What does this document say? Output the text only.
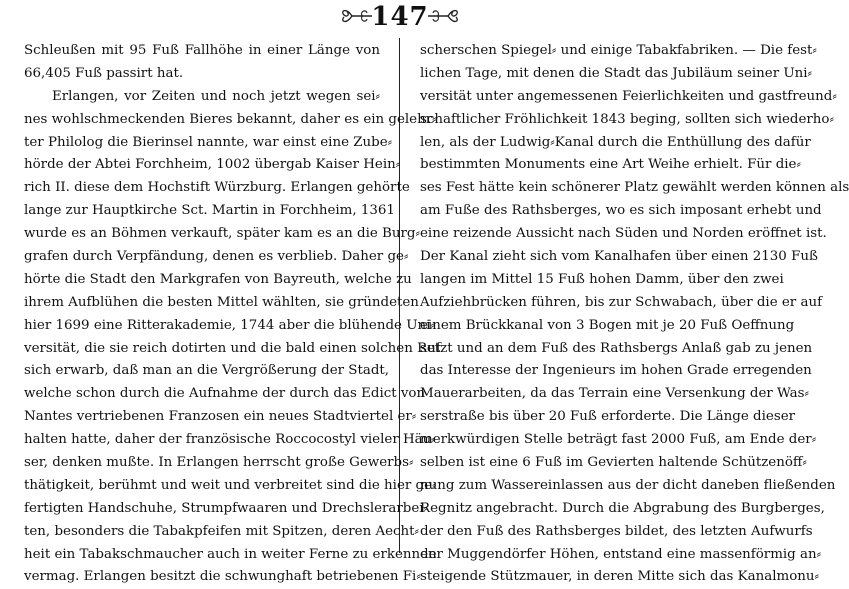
147
Schleußen mit 95 Fuß Fallhöhe in einer Länge von
66,405 Fuß passirt hat.
Erlangen, vor Zeiten und noch jetzt wegen sei⸗
nes wohlschmeckenden Bieres bekannt, daher es ein gelehr⸗
ter Philolog die Bierinsel nannte, war einst eine Zube⸗
hörde der Abtei Forchheim, 1002 übergab Kaiser Hein⸗
rich II. diese dem Hochstift Würzburg. Erlangen gehörte
lange zur Hauptkirche Sct. Martin in Forchheim, 1361
wurde es an Böhmen verkauft, später kam es an die Burg⸗
grafen durch Verpfändung, denen es verblieb. Daher ge⸗
hörte die Stadt den Markgrafen von Bayreuth, welche zu
ihrem Aufblühen die besten Mittel wählten, sie gründeten
hier 1699 eine Ritterakademie, 1744 aber die blühende Uni⸗
versität, die sie reich dotirten und die bald einen solchen Ruf
sich erwarb, daß man an die Vergrößerung der Stadt,
welche schon durch die Aufnahme der durch das Edict von
Nantes vertriebenen Franzosen ein neues Stadtviertel er⸗
halten hatte, daher der französische Roccocostyl vieler Häu⸗
ser, denken mußte. In Erlangen herrscht große Gewerbs⸗
thätigkeit, berühmt und weit und verbreitet sind die hier ge⸗
fertigten Handschuhe, Strumpfwaaren und Drechslerarbei⸗
ten, besonders die Tabakpfeifen mit Spitzen, deren Aecht⸗
heit ein Tabakschmaucher auch in weiter Ferne zu erkennen
vermag. Erlangen besitzt die schwunghaft betriebenen Fi⸗
scherschen Spiegel⸗ und einige Tabakfabriken. — Die fest⸗
lichen Tage, mit denen die Stadt das Jubiläum seiner Uni⸗
versität unter angemessenen Feierlichkeiten und gastfreund⸗
schaftlicher Fröhlichkeit 1843 beging, sollten sich wiederho⸗
len, als der Ludwig⸗Kanal durch die Enthüllung des dafür
bestimmten Monuments eine Art Weihe erhielt. Für die⸗
ses Fest hätte kein schönerer Platz gewählt werden können als
am Fuße des Rathsberges, wo es sich imposant erhebt und
eine reizende Aussicht nach Süden und Norden eröffnet ist.
Der Kanal zieht sich vom Kanalhafen über einen 2130 Fuß
langen im Mittel 15 Fuß hohen Damm, über den zwei
Aufziehbrücken führen, bis zur Schwabach, über die er auf
einem Brückkanal von 3 Bogen mit je 20 Fuß Oeffnung
setzt und an dem Fuß des Rathsbergs Anlaß gab zu jenen
das Interesse der Ingenieurs im hohen Grade erregenden
Mauerarbeiten, da das Terrain eine Versenkung der Was⸗
serstraße bis über 20 Fuß erforderte. Die Länge dieser
merkwürdigen Stelle beträgt fast 2000 Fuß, am Ende der⸗
selben ist eine 6 Fuß im Gevierten haltende Schützenöff⸗
nung zum Wassereinlassen aus der dicht daneben fließenden
Regnitz angebracht. Durch die Abgrabung des Burgberges,
der den Fuß des Rathsberges bildet, des letzten Aufwurfs
der Muggendörfer Höhen, entstand eine massenförmig an⸗
steigende Stützmauer, in deren Mitte sich das Kanalmonu⸗
